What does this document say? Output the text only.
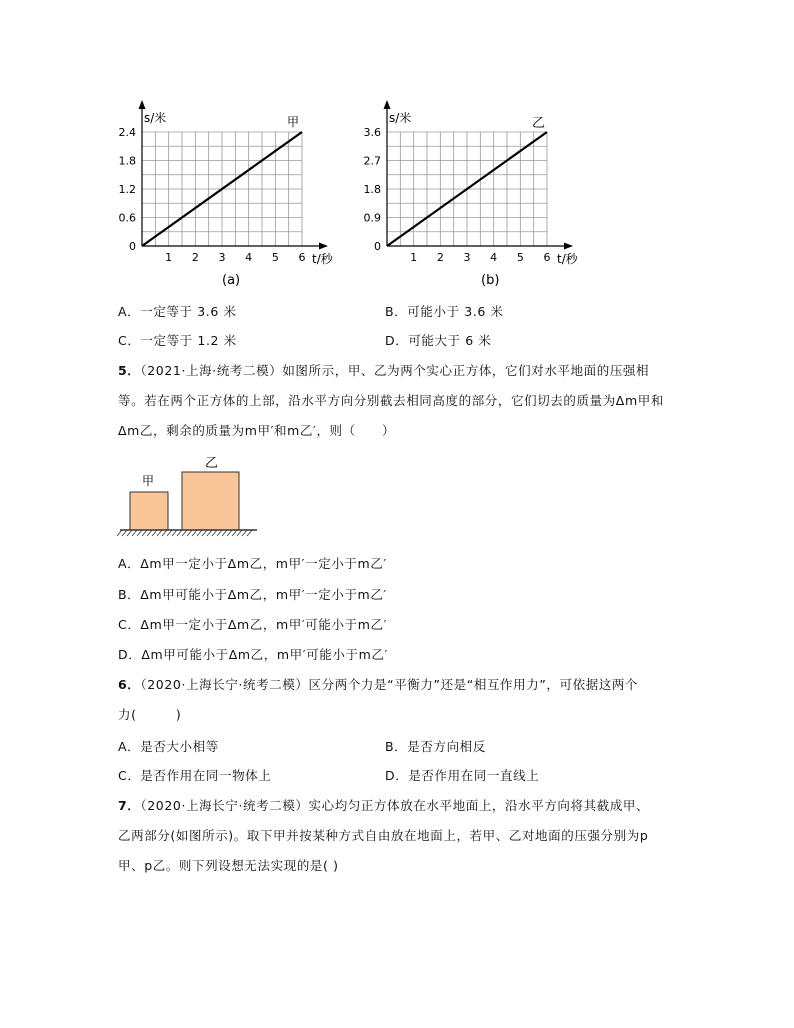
1 2 3 4 5 6
0
0.6
1.2
1.8
2.4
甲
s/米
t/秒
(a)
1 2 3 4 5 6
0
0.9
1.8
2.7
3.6
乙
s/米
t/秒
(b)
A．一定等于 3.6 米	B．可能小于 3.6 米
C．一定等于 1.2 米	D．可能大于 6 米
5．（2021·上海·统考二模）如图所示，甲、乙为两个实心正方体，它们对水平地面的压强相
等。若在两个正方体的上部，沿水平方向分别截去相同高度的部分，它们切去的质量为Δm甲和
Δm乙，剩余的质量为m甲′和m乙′，则（　　）
甲
乙
A．Δm甲一定小于Δm乙，m甲′一定小于m乙′
B．Δm甲可能小于Δm乙，m甲′一定小于m乙′
C．Δm甲一定小于Δm乙，m甲′可能小于m乙′
D．Δm甲可能小于Δm乙，m甲′可能小于m乙′
6．（2020·上海长宁·统考二模）区分两个力是“平衡力”还是“相互作用力”，可依据这两个
力(　　　)
A．是否大小相等	B．是否方向相反
C．是否作用在同一物体上	D．是否作用在同一直线上
7．（2020·上海长宁·统考二模）实心均匀正方体放在水平地面上，沿水平方向将其截成甲、
乙两部分(如图所示)。取下甲并按某种方式自由放在地面上，若甲、乙对地面的压强分别为p
甲、p乙。则下列设想无法实现的是( )
